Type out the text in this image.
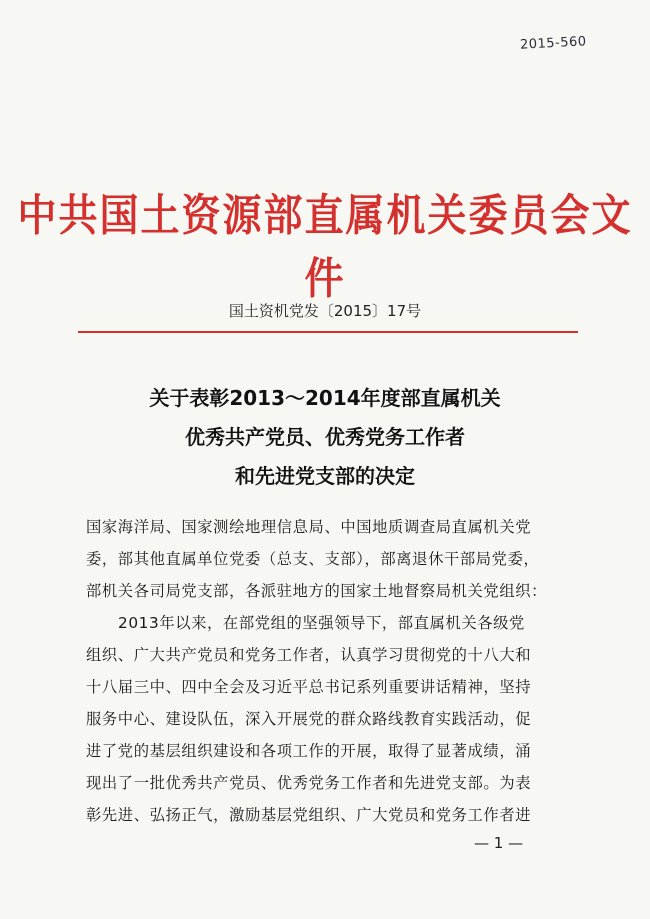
2015-560
中共国土资源部直属机关委员会文件
国土资机党发〔2015〕17号
关于表彰2013～2014年度部直属机关
优秀共产党员、优秀党务工作者
和先进党支部的决定
国家海洋局、国家测绘地理信息局、中国地质调查局直属机关党
委，部其他直属单位党委（总支、支部），部离退休干部局党委，
部机关各司局党支部，各派驻地方的国家土地督察局机关党组织：
2013年以来，在部党组的坚强领导下，部直属机关各级党
组织、广大共产党员和党务工作者，认真学习贯彻党的十八大和
十八届三中、四中全会及习近平总书记系列重要讲话精神，坚持
服务中心、建设队伍，深入开展党的群众路线教育实践活动，促
进了党的基层组织建设和各项工作的开展，取得了显著成绩，涌
现出了一批优秀共产党员、优秀党务工作者和先进党支部。为表
彰先进、弘扬正气，激励基层党组织、广大党员和党务工作者进
— 1 —
